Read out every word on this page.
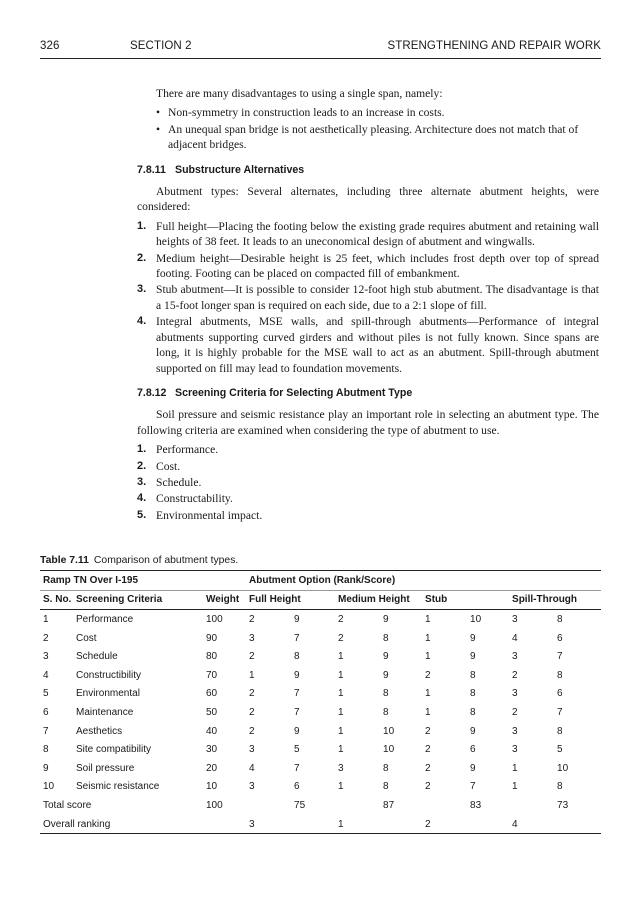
326	SECTION 2	STRENGTHENING AND REPAIR WORK

There are many disadvantages to using a single span, namely:

• Non-symmetry in construction leads to an increase in costs.
• An unequal span bridge is not aesthetically pleasing. Architecture does not match that of adjacent bridges.

7.8.11 Substructure Alternatives

Abutment types: Several alternates, including three alternate abutment heights, were considered:

1. Full height—Placing the footing below the existing grade requires abutment and retaining wall heights of 38 feet. It leads to an uneconomical design of abutment and wingwalls.
2. Medium height—Desirable height is 25 feet, which includes frost depth over top of spread footing. Footing can be placed on compacted fill of embankment.
3. Stub abutment—It is possible to consider 12-foot high stub abutment. The disadvantage is that a 15-foot longer span is required on each side, due to a 2:1 slope of fill.
4. Integral abutments, MSE walls, and spill-through abutments—Performance of integral abutments supporting curved girders and without piles is not fully known. Since spans are long, it is highly probable for the MSE wall to act as an abutment. Spill-through abutment supported on fill may lead to foundation movements.

7.8.12 Screening Criteria for Selecting Abutment Type

Soil pressure and seismic resistance play an important role in selecting an abutment type. The following criteria are examined when considering the type of abutment to use.

1. Performance.
2. Cost.
3. Schedule.
4. Constructability.
5. Environmental impact.
Table 7.11 Comparison of abutment types.
Ramp TN Over I-195			Abutment Option (Rank/Score)							
S. No.	Screening Criteria	Weight	Full Height		Medium Height		Stub		Spill-Through	
1	Performance	100	2	9	2	9	1	10	3	8
2	Cost	90	3	7	2	8	1	9	4	6
3	Schedule	80	2	8	1	9	1	9	3	7
4	Constructibility	70	1	9	1	9	2	8	2	8
5	Environmental	60	2	7	1	8	1	8	3	6
6	Maintenance	50	2	7	1	8	1	8	2	7
7	Aesthetics	40	2	9	1	10	2	9	3	8
8	Site compatibility	30	3	5	1	10	2	6	3	5
9	Soil pressure	20	4	7	3	8	2	9	1	10
10	Seismic resistance	10	3	6	1	8	2	7	1	8
Total score		100		75		87		83		73
Overall ranking			3		1		2		4	
